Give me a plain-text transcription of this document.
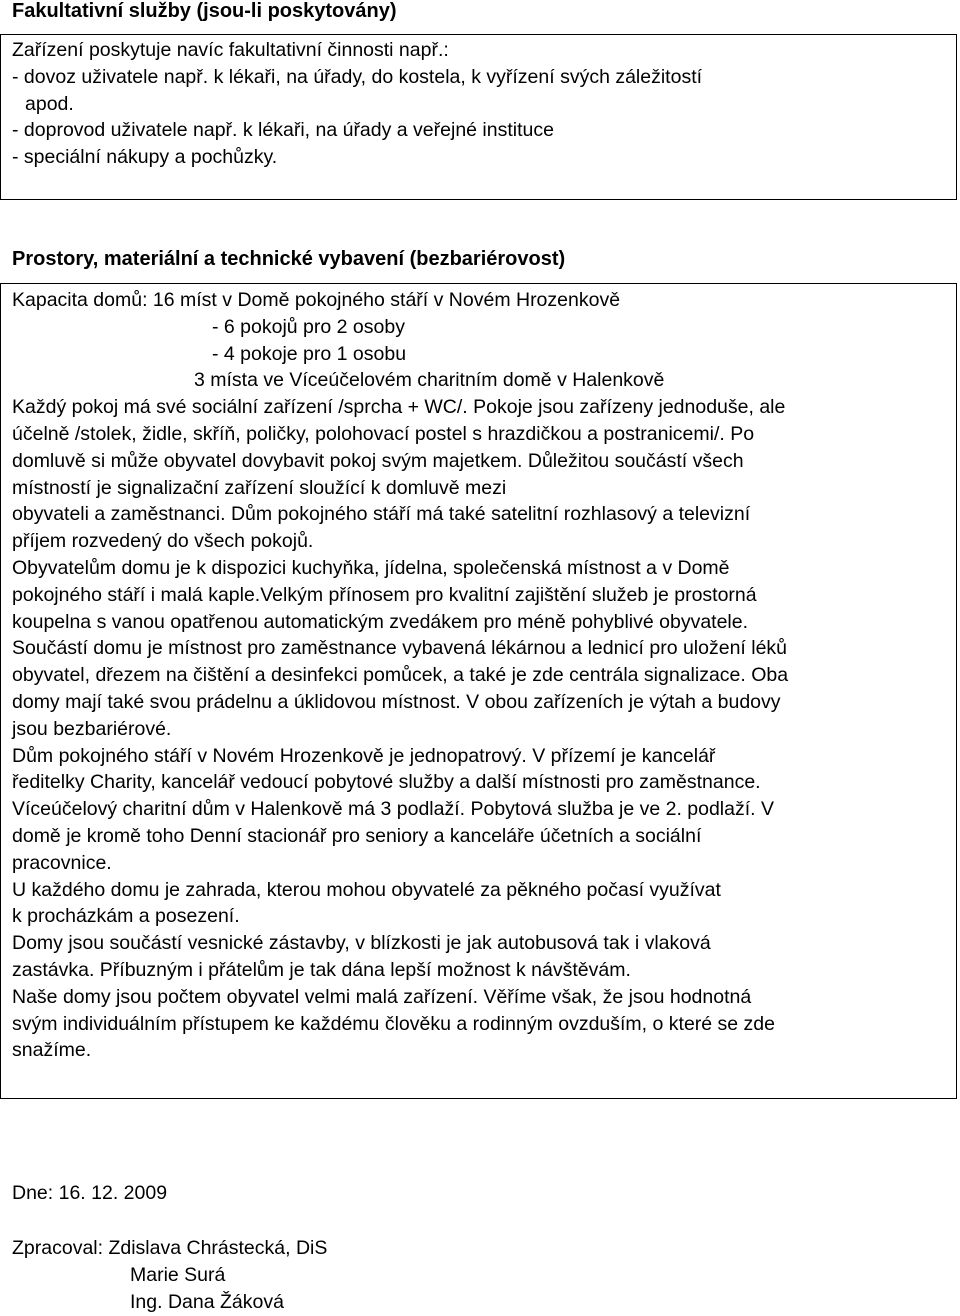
Fakultativní služby (jsou-li poskytovány)
Zařízení poskytuje navíc fakultativní činnosti např.:
- dovoz uživatele např. k lékaři, na úřady, do kostela, k vyřízení svých záležitostí
apod.
- doprovod uživatele např. k lékaři, na úřady a veřejné instituce
- speciální nákupy a pochůzky.
Prostory, materiální a technické vybavení (bezbariérovost)
Kapacita domů: 16 míst v Domě pokojného stáří v Novém Hrozenkově
- 6 pokojů pro 2 osoby
- 4 pokoje pro 1 osobu
3 místa ve Víceúčelovém charitním domě v Halenkově
Každý pokoj má své sociální zařízení /sprcha + WC/. Pokoje jsou zařízeny jednoduše, ale
účelně /stolek, židle, skříň, poličky, polohovací postel s hrazdičkou a postranicemi/. Po
domluvě si může obyvatel dovybavit pokoj svým majetkem. Důležitou součástí všech
místností je signalizační zařízení sloužící k domluvě mezi
obyvateli a zaměstnanci. Dům pokojného stáří má také satelitní rozhlasový a televizní
příjem rozvedený do všech pokojů.
Obyvatelům domu je k dispozici kuchyňka, jídelna, společenská místnost a v Domě
pokojného stáří i malá kaple.Velkým přínosem pro kvalitní zajištění služeb je prostorná
koupelna s vanou opatřenou automatickým zvedákem pro méně pohyblivé obyvatele.
Součástí domu je místnost pro zaměstnance vybavená lékárnou a lednicí pro uložení léků
obyvatel, dřezem na čištění a desinfekci pomůcek, a také je zde centrála signalizace. Oba
domy mají také svou prádelnu a úklidovou místnost. V obou zařízeních je výtah a budovy
jsou bezbariérové.
Dům pokojného stáří v Novém Hrozenkově je jednopatrový. V přízemí je kancelář
ředitelky Charity, kancelář vedoucí pobytové služby a další místnosti pro zaměstnance.
Víceúčelový charitní dům v Halenkově má 3 podlaží. Pobytová služba je ve 2. podlaží. V
domě je kromě toho Denní stacionář pro seniory a kanceláře účetních a sociální
pracovnice.
U každého domu je zahrada, kterou mohou obyvatelé za pěkného počasí využívat
k procházkám a posezení.
Domy jsou součástí vesnické zástavby, v blízkosti je jak autobusová tak i vlaková
zastávka. Příbuzným i přátelům je tak dána lepší možnost k návštěvám.
Naše domy jsou počtem obyvatel velmi malá zařízení. Věříme však, že jsou hodnotná
svým individuálním přístupem ke každému člověku a rodinným ovzduším, o které se zde
snažíme.
Dne: 16. 12. 2009
Zpracoval: Zdislava Chrástecká, DiS
Marie Surá
Ing. Dana Žáková
